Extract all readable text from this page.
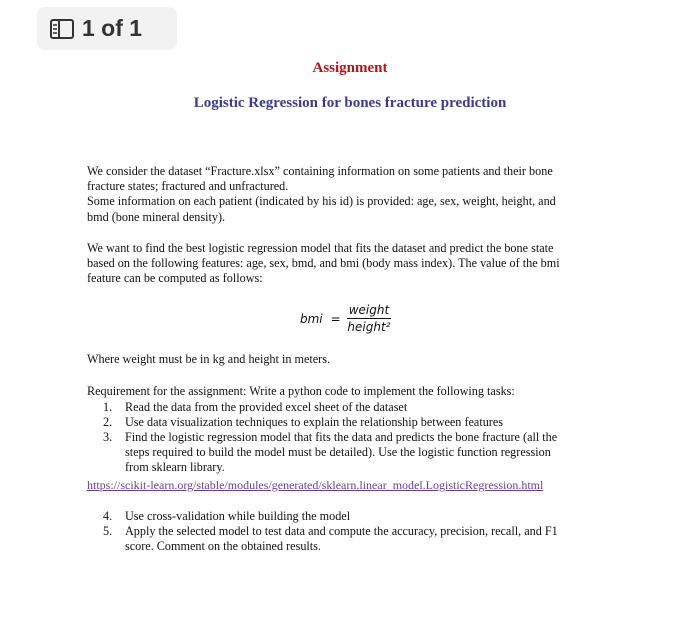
1 of 1
Assignment
Logistic Regression for bones fracture prediction
We consider the dataset “Fracture.xlsx” containing information on some patients and their bone
fracture states; fractured and unfractured.
Some information on each patient (indicated by his id) is provided: age, sex, weight, height, and
bmd (bone mineral density).
We want to find the best logistic regression model that fits the dataset and predict the bone state
based on the following features: age, sex, bmd, and bmi (body mass index). The value of the bmi
feature can be computed as follows:
bmi = $\frac{\text{weight}}{\text{height²}}$
Where weight must be in kg and height in meters.
Requirement for the assignment: Write a python code to implement the following tasks:
1.	Read the data from the provided excel sheet of the dataset
2.	Use data visualization techniques to explain the relationship between features
3.	Find the logistic regression model that fits the data and predicts the bone fracture (all the
steps required to build the model must be detailed). Use the logistic function regression
from sklearn library.
https://scikit-learn.org/stable/modules/generated/sklearn.linear_model.LogisticRegression.html
4.	Use cross-validation while building the model
5.	Apply the selected model to test data and compute the accuracy, precision, recall, and F1
score. Comment on the obtained results.
